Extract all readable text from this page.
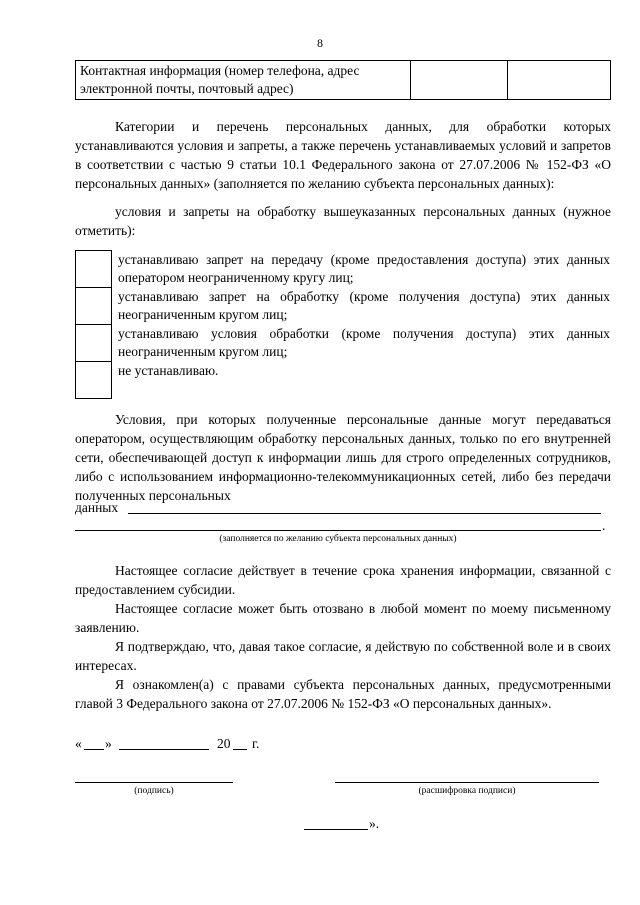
8
Контактная информация (номер телефона, адрес электронной почты, почтовый адрес)		

Категории и перечень персональных данных, для обработки которых устанавливаются условия и запреты, а также перечень устанавливаемых условий и запретов в соответствии с частью 9 статьи 10.1 Федерального закона от 27.07.2006 № 152-ФЗ «О персональных данных» (заполняется по желанию субъекта персональных данных):

условия и запреты на обработку вышеуказанных персональных данных (нужное отметить):

	устанавливаю запрет на передачу (кроме предоставления доступа) этих данных оператором неограниченному кругу лиц;
	устанавливаю запрет на обработку (кроме получения доступа) этих данных неограниченным кругом лиц;
	устанавливаю условия обработки (кроме получения доступа) этих данных неограниченным кругом лиц;
	не устанавливаю.

Условия, при которых полученные персональные данные могут передаваться оператором, осуществляющим обработку персональных данных, только по его внутренней сети, обеспечивающей доступ к информации лишь для строго определенных сотрудников, либо с использованием информационно-телекоммуникационных сетей, либо без передачи полученных персональных

данных
.
(заполняется по желанию субъекта персональных данных)

Настоящее согласие действует в течение срока хранения информации, связанной с предоставлением субсидии.

Настоящее согласие может быть отозвано в любой момент по моему письменному заявлению.

Я подтверждаю, что, давая такое согласие, я действую по собственной воле и в своих интересах.

Я ознакомлен(а) с правами субъекта персональных данных, предусмотренными главой 3 Федерального закона от 27.07.2006 № 152-ФЗ «О персональных данных».

« »	20 г.
(подпись)	(расшифровка подписи)
».
